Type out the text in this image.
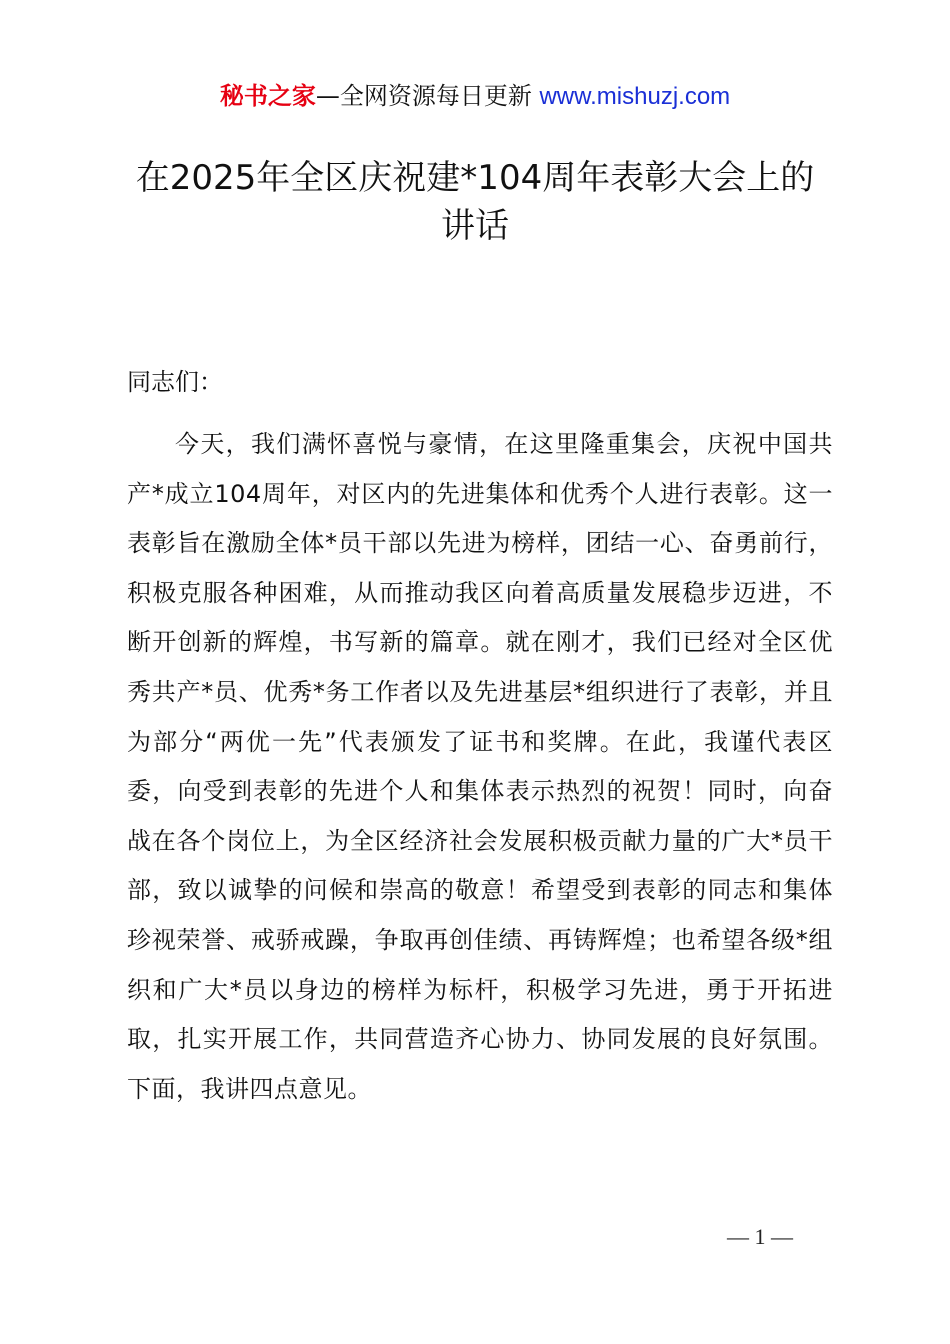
秘书之家—全网资源每日更新 www.mishuzj.com
在2025年全区庆祝建*104周年表彰大会上的讲话
同志们：
今天，我们满怀喜悦与豪情，在这里隆重集会，庆祝中国共产*成立104周年，对区内的先进集体和优秀个人进行表彰。这一表彰旨在激励全体*员干部以先进为榜样，团结一心、奋勇前行，积极克服各种困难，从而推动我区向着高质量发展稳步迈进，不断开创新的辉煌，书写新的篇章。就在刚才，我们已经对全区优秀共产*员、优秀*务工作者以及先进基层*组织进行了表彰，并且为部分“两优一先”代表颁发了证书和奖牌。在此，我谨代表区委，向受到表彰的先进个人和集体表示热烈的祝贺！同时，向奋战在各个岗位上，为全区经济社会发展积极贡献力量的广大*员干部，致以诚挚的问候和崇高的敬意！希望受到表彰的同志和集体珍视荣誉、戒骄戒躁，争取再创佳绩、再铸辉煌；也希望各级*组织和广大*员以身边的榜样为标杆，积极学习先进，勇于开拓进取，扎实开展工作，共同营造齐心协力、协同发展的良好氛围。下面，我讲四点意见。
— 1 —
